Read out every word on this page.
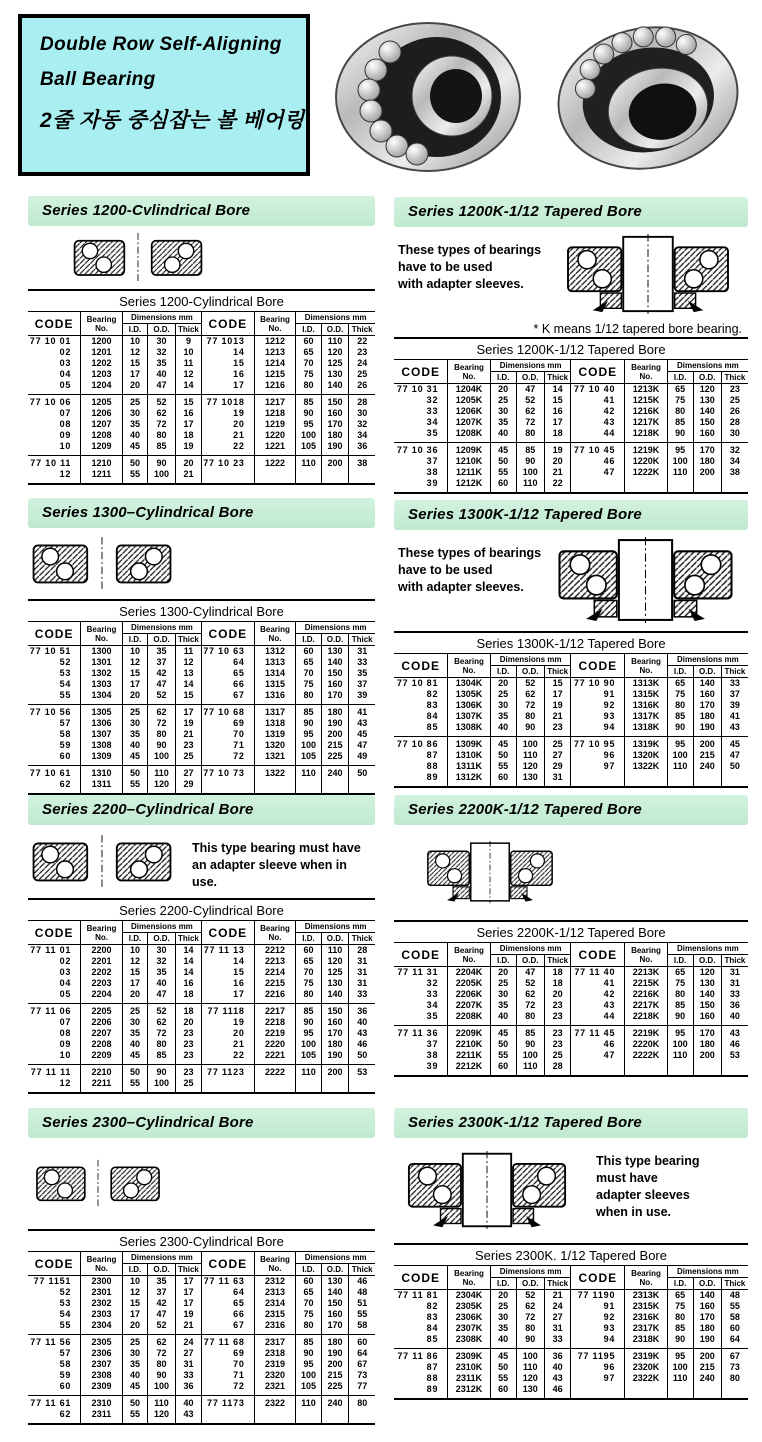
Double Row Self-Aligning
Ball Bearing
2줄 자동 중심잡는 볼 베어링
Series 1200-Cvlindrical Bore
Series 1200-Cylindrical Bore
CODE	Bearing No.	Dimensions mm			CODE	Bearing No.	Dimensions mm		
		I.D.	O.D.	Thick			I.D.	O.D.	Thick
77 10 01	1200	10	30	9	77 1013	1212	60	110	22
02	1201	12	32	10	14	1213	65	120	23
03	1202	15	35	11	15	1214	70	125	24
04	1203	17	40	12	16	1215	75	130	25
05	1204	20	47	14	17	1216	80	140	26
77 10 06	1205	25	52	15	77 1018	1217	85	150	28
07	1206	30	62	16	19	1218	90	160	30
08	1207	35	72	17	20	1219	95	170	32
09	1208	40	80	18	21	1220	100	180	34
10	1209	45	85	19	22	1221	105	190	36
77 10 11	1210	50	90	20	77 10 23	1222	110	200	38
12	1211	55	100	21					
Series 1200K-1/12 Tapered Bore

These types of bearings

have to be used

with adapter sleeves.

* K means 1/12 tapered bore bearing.
Series 1200K-1/12 Tapered Bore
CODE	Bearing No.	Dimensions mm			CODE	Bearing No.	Dimensions mm		
		I.D.	O.D.	Thick			I.D.	O.D.	Thick
77 10 31	1204K	20	47	14	77 10 40	1213K	65	120	23
32	1205K	25	52	15	41	1215K	75	130	25
33	1206K	30	62	16	42	1216K	80	140	26
34	1207K	35	72	17	43	1217K	85	150	28
35	1208K	40	80	18	44	1218K	90	160	30
77 10 36	1209K	45	85	19	77 10 45	1219K	95	170	32
37	1210K	50	90	20	46	1220K	100	180	34
38	1211K	55	100	21	47	1222K	110	200	38
39	1212K	60	110	22					
Series 1300–Cylindrical Bore
Series 1300-Cylindrical Bore
CODE	Bearing No.	Dimensions mm			CODE	Bearing No.	Dimensions mm		
		I.D.	O.D.	Thick			I.D.	O.D.	Thick
77 10 51	1300	10	35	11	77 10 63	1312	60	130	31
52	1301	12	37	12	64	1313	65	140	33
53	1302	15	42	13	65	1314	70	150	35
54	1303	17	47	14	66	1315	75	160	37
55	1304	20	52	15	67	1316	80	170	39
77 10 56	1305	25	62	17	77 10 68	1317	85	180	41
57	1306	30	72	19	69	1318	90	190	43
58	1307	35	80	21	70	1319	95	200	45
59	1308	40	90	23	71	1320	100	215	47
60	1309	45	100	25	72	1321	105	225	49
77 10 61	1310	50	110	27	77 10 73	1322	110	240	50
62	1311	55	120	29					
Series 1300K-1/12 Tapered Bore

These types of bearings

have to be used

with adapter sleeves.

Series 1300K-1/12 Tapered Bore
CODE	Bearing No.	Dimensions mm			CODE	Bearing No.	Dimensions mm		
		I.D.	O.D.	Thick			I.D.	O.D.	Thick
77 10 81	1304K	20	52	15	77 10 90	1313K	65	140	33
82	1305K	25	62	17	91	1315K	75	160	37
83	1306K	30	72	19	92	1316K	80	170	39
84	1307K	35	80	21	93	1317K	85	180	41
85	1308K	40	90	23	94	1318K	90	190	43
77 10 86	1309K	45	100	25	77 10 95	1319K	95	200	45
87	1310K	50	110	27	96	1320K	100	215	47
88	1311K	55	120	29	97	1322K	110	240	50
89	1312K	60	130	31					
Series 2200–Cylindrical Bore

This type bearing must have

an adapter sleeve when in use.

Series 2200-Cylindrical Bore
CODE	Bearing No.	Dimensions mm			CODE	Bearing No.	Dimensions mm		
		I.D.	O.D.	Thick			I.D.	O.D.	Thick
77 11 01	2200	10	30	14	77 11 13	2212	60	110	28
02	2201	12	32	14	14	2213	65	120	31
03	2202	15	35	14	15	2214	70	125	31
04	2203	17	40	16	16	2215	75	130	31
05	2204	20	47	18	17	2216	80	140	33
77 11 06	2205	25	52	18	77 1118	2217	85	150	36
07	2206	30	62	20	19	2218	90	160	40
08	2207	35	72	23	20	2219	95	170	43
09	2208	40	80	23	21	2220	100	180	46
10	2209	45	85	23	22	2221	105	190	50
77 11 11	2210	50	90	23	77 1123	2222	110	200	53
12	2211	55	100	25					
Series 2200K-1/12 Tapered Bore
Series 2200K-1/12 Tapered Bore
CODE	Bearing No.	Dimensions mm			CODE	Bearing No.	Dimensions mm		
		I.D.	O.D.	Thick			I.D.	O.D.	Thick
77 11 31	2204K	20	47	18	77 11 40	2213K	65	120	31
32	2205K	25	52	18	41	2215K	75	130	31
33	2206K	30	62	20	42	2216K	80	140	33
34	2207K	35	72	23	43	2217K	85	150	36
35	2208K	40	80	23	44	2218K	90	160	40
77 11 36	2209K	45	85	23	77 11 45	2219K	95	170	43
37	2210K	50	90	23	46	2220K	100	180	46
38	2211K	55	100	25	47	2222K	110	200	53
39	2212K	60	110	28					
Series 2300–Cylindrical Bore
Series 2300-Cylindrical Bore
CODE	Bearing No.	Dimensions mm			CODE	Bearing No.	Dimensions mm		
		I.D.	O.D.	Thick			I.D.	O.D.	Thick
77 1151	2300	10	35	17	77 11 63	2312	60	130	46
52	2301	12	37	17	64	2313	65	140	48
53	2302	15	42	17	65	2314	70	150	51
54	2303	17	47	19	66	2315	75	160	55
55	2304	20	52	21	67	2316	80	170	58
77 11 56	2305	25	62	24	77 11 68	2317	85	180	60
57	2306	30	72	27	69	2318	90	190	64
58	2307	35	80	31	70	2319	95	200	67
59	2308	40	90	33	71	2320	100	215	73
60	2309	45	100	36	72	2321	105	225	77
77 11 61	2310	50	110	40	77 1173	2322	110	240	80
62	2311	55	120	43					
Series 2300K-1/12 Tapered Bore

This type bearing

must have

adapter sleeves

when in use.

Series 2300K. 1/12 Tapered Bore
CODE	Bearing No.	Dimensions mm			CODE	Bearing No.	Dimensions mm		
		I.D.	O.D.	Thick			I.D.	O.D.	Thick
77 11 81	2304K	20	52	21	77 1190	2313K	65	140	48
82	2305K	25	62	24	91	2315K	75	160	55
83	2306K	30	72	27	92	2316K	80	170	58
84	2307K	35	80	31	93	2317K	85	180	60
85	2308K	40	90	33	94	2318K	90	190	64
77 11 86	2309K	45	100	36	77 1195	2319K	95	200	67
87	2310K	50	110	40	96	2320K	100	215	73
88	2311K	55	120	43	97	2322K	110	240	80
89	2312K	60	130	46					
